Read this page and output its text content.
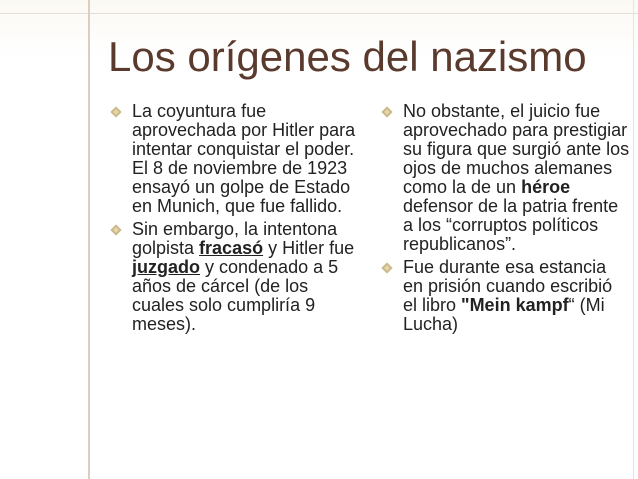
Los orígenes del nazismo
La coyuntura fue aprovechada por Hitler para intentar conquistar el poder. El 8 de noviembre de 1923 ensayó un golpe de Estado en Munich, que fue fallido.
Sin embargo, la intentona golpista fracasó y Hitler fue juzgado y condenado a 5 años de cárcel (de los cuales solo cumpliría 9 meses).
No obstante, el juicio fue aprovechado para prestigiar su figura que surgió ante los ojos de muchos alemanes como la de un héroe defensor de la patria frente a los “corruptos políticos republicanos”.
Fue durante esa estancia en prisión cuando escribió el libro "Mein kampf“ (Mi Lucha)
